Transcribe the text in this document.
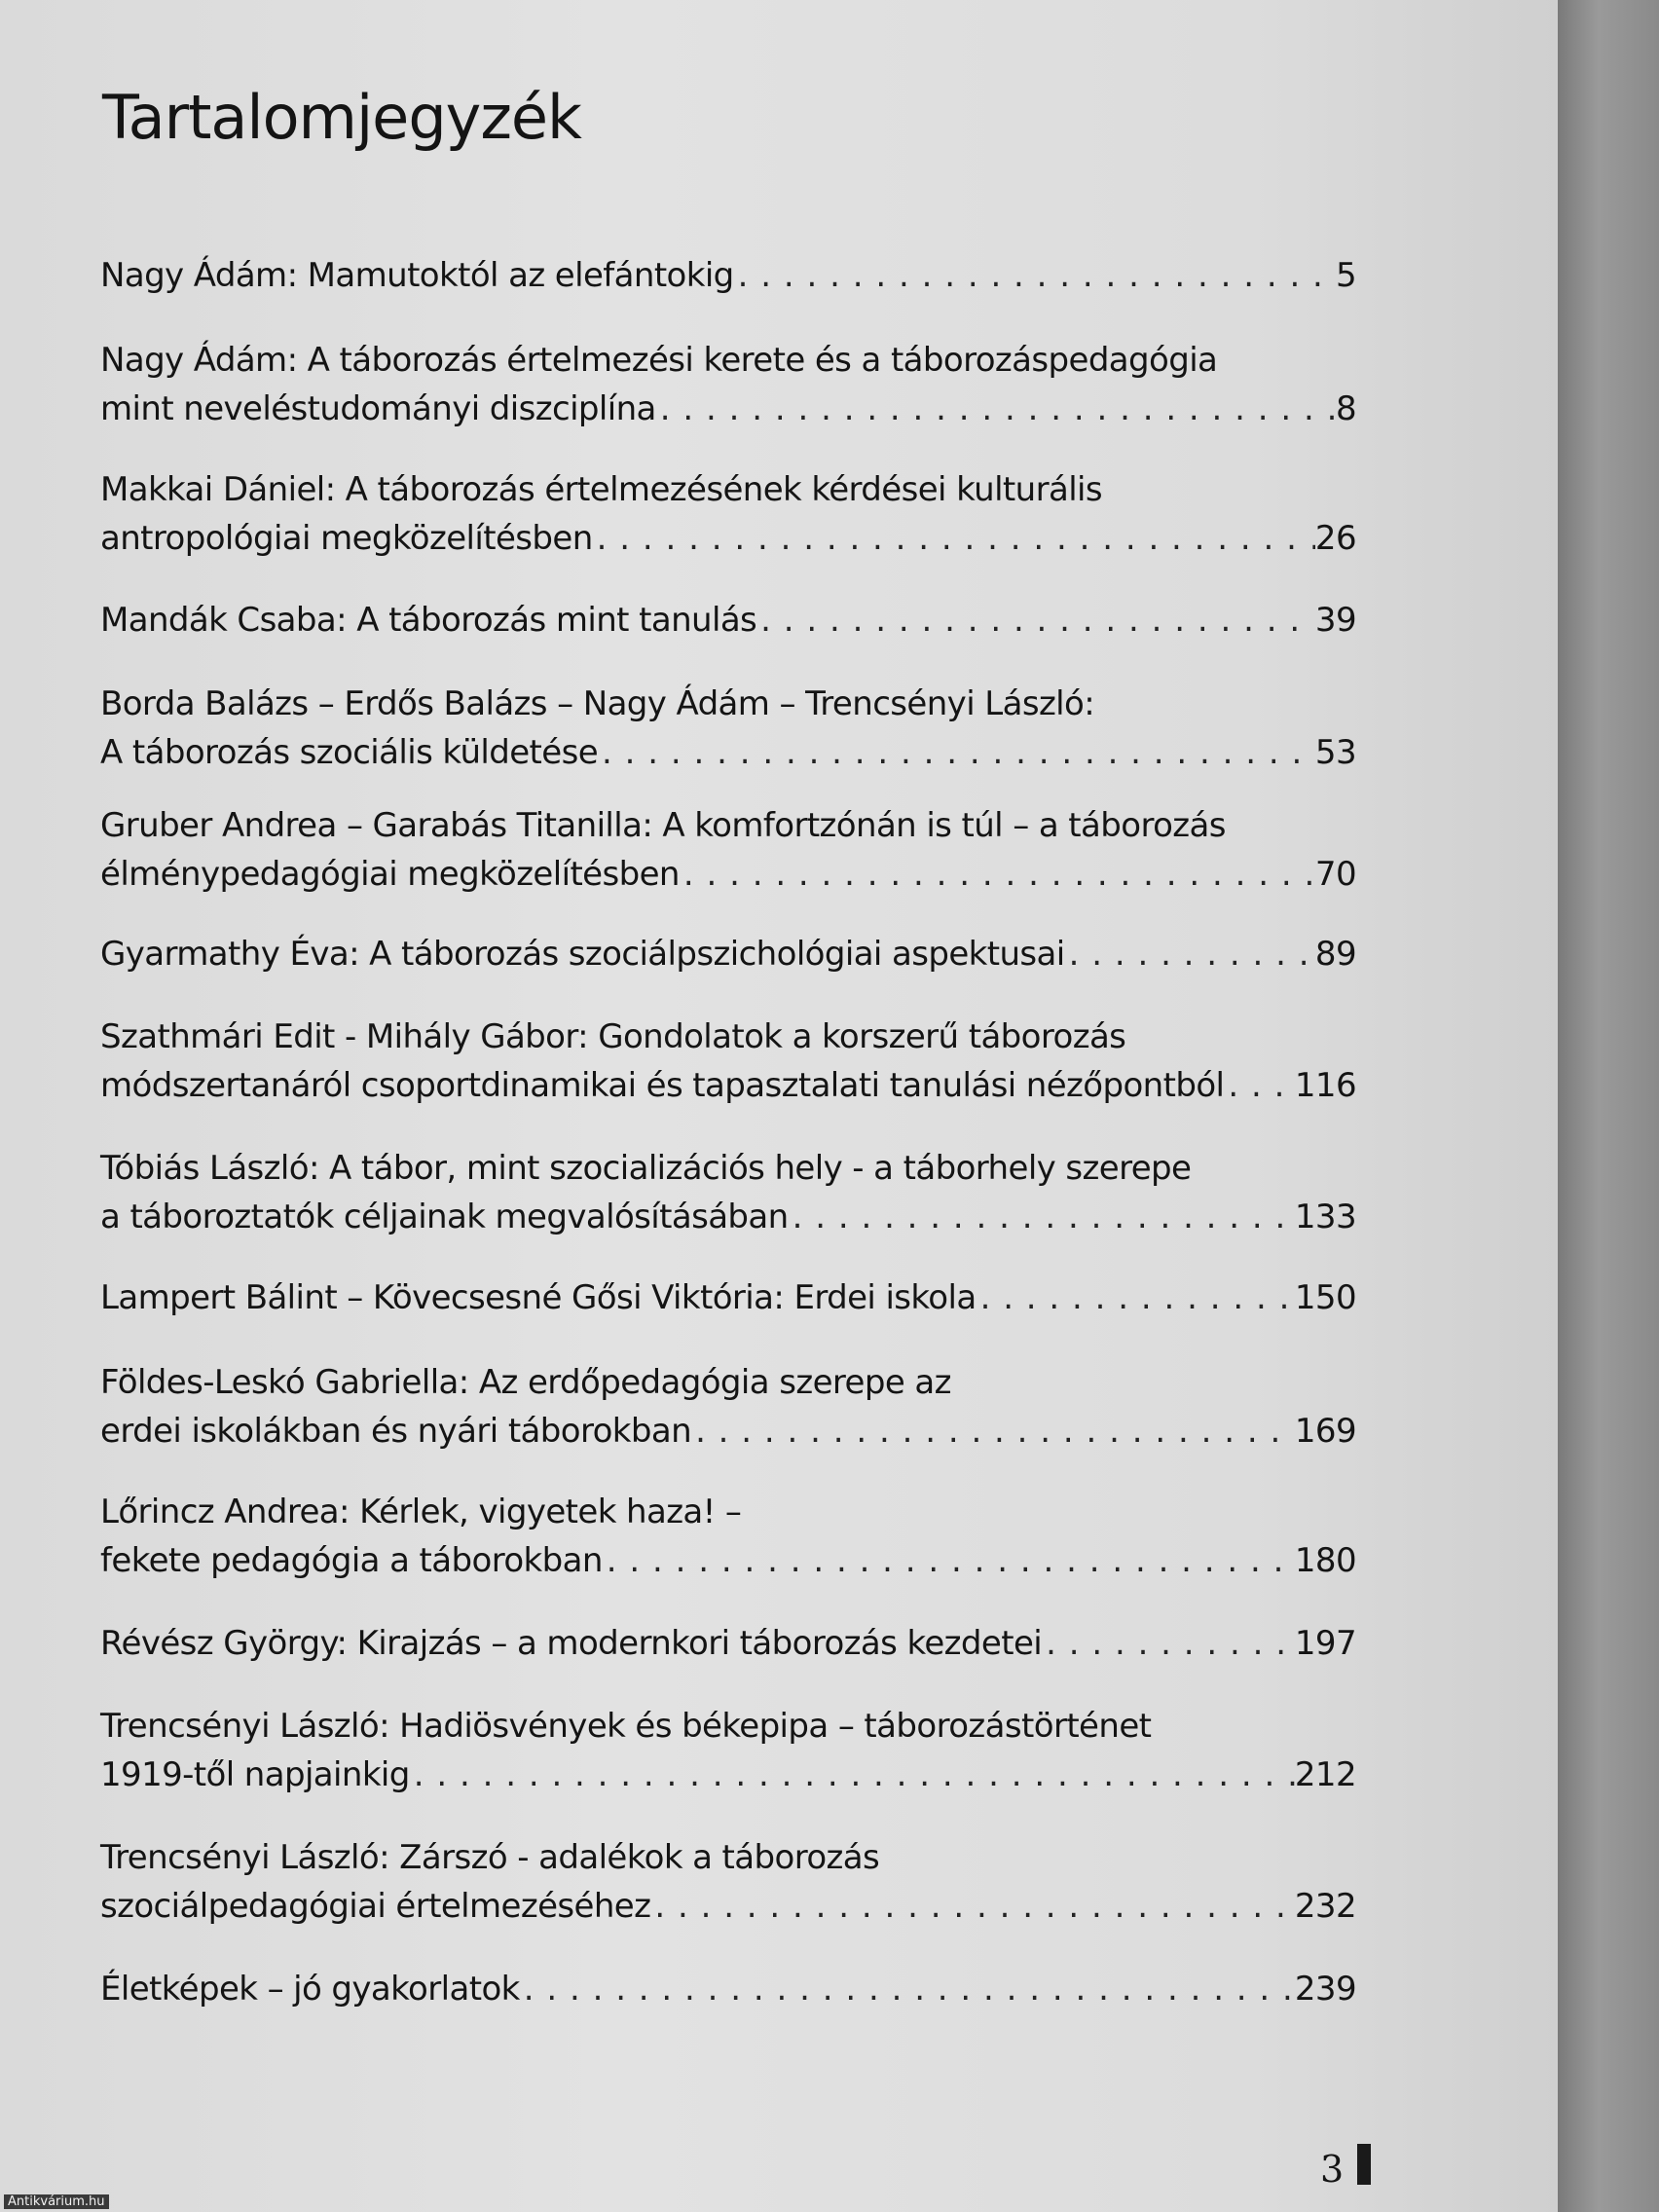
Tartalomjegyzék
Nagy Ádám: Mamutoktól az elefántokig . . .	5
Nagy Ádám: A táborozás értelmezési kerete és a táborozáspedagógia
mint neveléstudományi diszciplína . . .	8
Makkai Dániel: A táborozás értelmezésének kérdései kulturális
antropológiai megközelítésben . . .	26
Mandák Csaba: A táborozás mint tanulás . . .	39
Borda Balázs – Erdős Balázs – Nagy Ádám – Trencsényi László:
A táborozás szociális küldetése . . .	53
Gruber Andrea – Garabás Titanilla: A komfortzónán is túl – a táborozás
élménypedagógiai megközelítésben . . .	70
Gyarmathy Éva: A táborozás szociálpszichológiai aspektusai . . .	89
Szathmári Edit - Mihály Gábor: Gondolatok a korszerű táborozás
módszertanáról csoportdinamikai és tapasztalati tanulási nézőpontból . . . 116
Tóbiás László: A tábor, mint szocializációs hely - a táborhely szerepe
a táboroztatók céljainak megvalósításában . . .	133
Lampert Bálint – Kövecsesné Gősi Viktória: Erdei iskola . . .	150
Földes-Leskó Gabriella: Az erdőpedagógia szerepe az
erdei iskolákban és nyári táborokban . . .	169
Lőrincz Andrea: Kérlek, vigyetek haza! –
fekete pedagógia a táborokban . . .	180
Révész György: Kirajzás – a modernkori táborozás kezdetei . . .	197
Trencsényi László: Hadiösvények és békepipa – táborozástörténet
1919-től napjainkig . . .	212
Trencsényi László: Zárszó - adalékok a táborozás
szociálpedagógiai értelmezéséhez . . .	232
Életképek – jó gyakorlatok . . .	239
3
Antikvárium.hu
